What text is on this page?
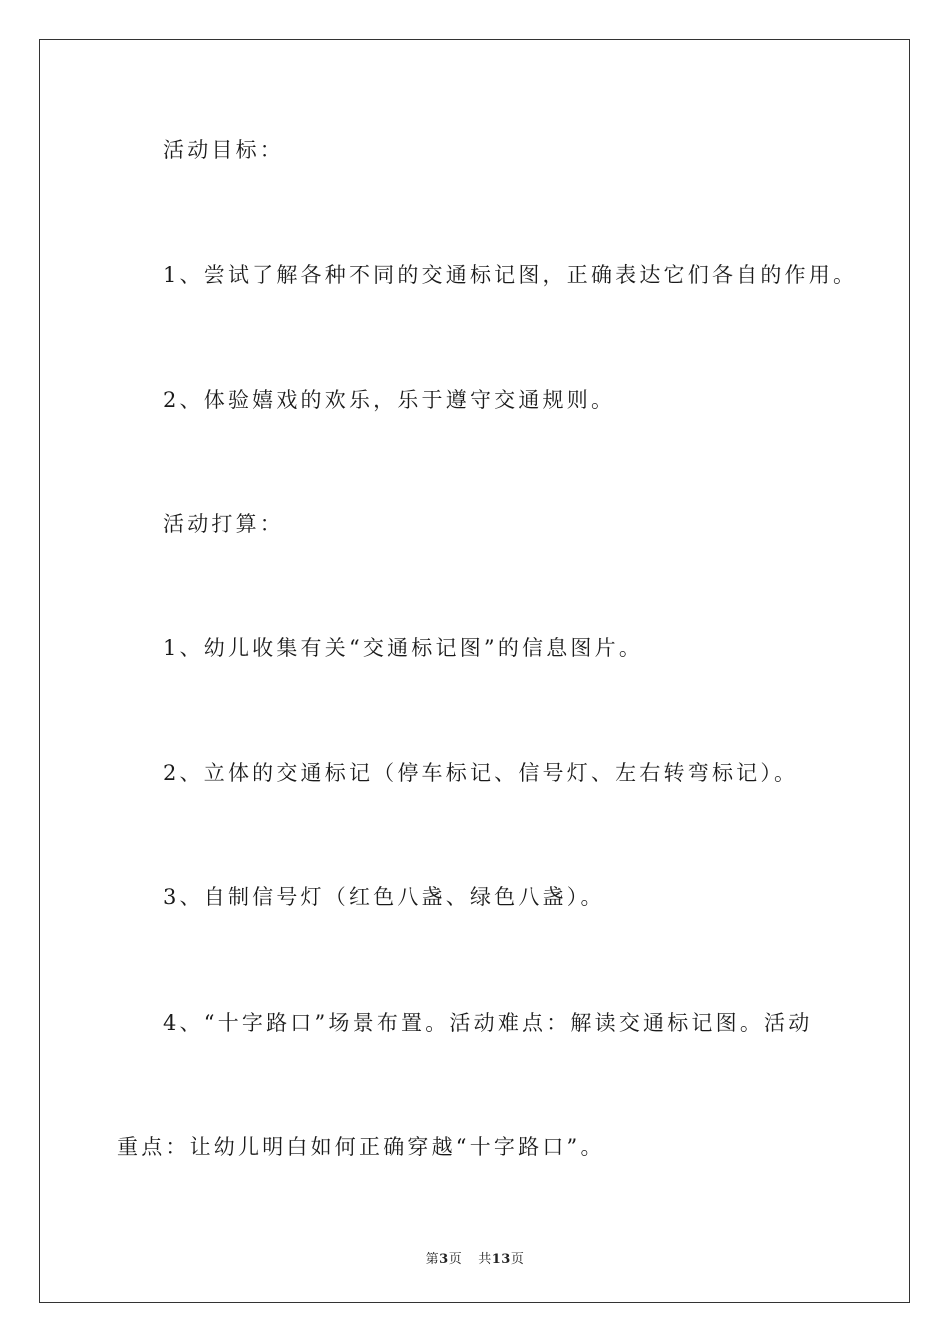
活动目标：
1、尝试了解各种不同的交通标记图，正确表达它们各自的作用。
2、体验嬉戏的欢乐，乐于遵守交通规则。
活动打算：
1、幼儿收集有关“交通标记图”的信息图片。
2、立体的交通标记（停车标记、信号灯、左右转弯标记）。
3、自制信号灯（红色八盏、绿色八盏）。
4、“十字路口”场景布置。活动难点：解读交通标记图。活动
重点：让幼儿明白如何正确穿越“十字路口”。
第3页 共13页
